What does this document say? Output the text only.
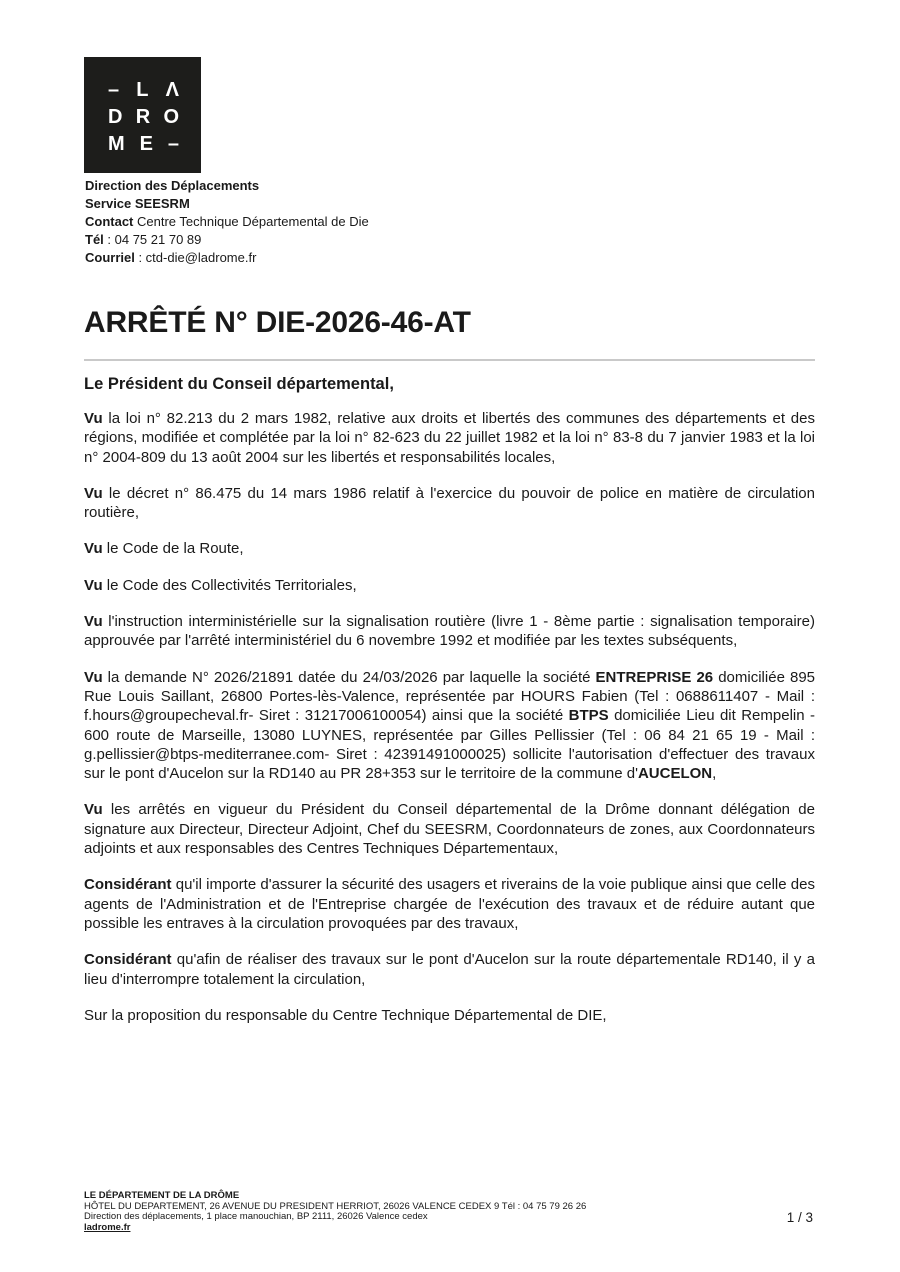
– L Λ
D R O
M E –
Direction des Déplacements
Service SEESRM
Contact Centre Technique Départemental de Die
Tél : 04 75 21 70 89
Courriel : ctd-die@ladrome.fr
ARRÊTÉ N° DIE-2026-46-AT
Le Président du Conseil départemental,

Vu la loi n° 82.213 du 2 mars 1982, relative aux droits et libertés des communes des départements et des régions, modifiée et complétée par la loi n° 82-623 du 22 juillet 1982 et la loi n° 83-8 du 7 janvier 1983 et la loi n° 2004-809 du 13 août 2004 sur les libertés et responsabilités locales,

Vu le décret n° 86.475 du 14 mars 1986 relatif à l'exercice du pouvoir de police en matière de circulation routière,

Vu le Code de la Route,

Vu le Code des Collectivités Territoriales,

Vu l'instruction interministérielle sur la signalisation routière (livre 1 - 8ème partie : signalisation temporaire) approuvée par l'arrêté interministériel du 6 novembre 1992 et modifiée par les textes subséquents,

Vu la demande N° 2026/21891 datée du 24/03/2026 par laquelle la société ENTREPRISE 26 domiciliée 895 Rue Louis Saillant, 26800 Portes-lès-Valence, représentée par HOURS Fabien (Tel : 0688611407 - Mail : f.hours@groupecheval.fr- Siret : 31217006100054) ainsi que la société BTPS domiciliée Lieu dit Rempelin - 600 route de Marseille, 13080 LUYNES, représentée par Gilles Pellissier (Tel : 06 84 21 65 19 - Mail : g.pellissier@btps-mediterranee.com- Siret : 42391491000025) sollicite l'autorisation d'effectuer des travaux sur le pont d'Aucelon sur la RD140 au PR 28+353 sur le territoire de la commune d'AUCELON,

Vu les arrêtés en vigueur du Président du Conseil départemental de la Drôme donnant délégation de signature aux Directeur, Directeur Adjoint, Chef du SEESRM, Coordonnateurs de zones, aux Coordonnateurs adjoints et aux responsables des Centres Techniques Départementaux,

Considérant qu'il importe d'assurer la sécurité des usagers et riverains de la voie publique ainsi que celle des agents de l'Administration et de l'Entreprise chargée de l'exécution des travaux et de réduire autant que possible les entraves à la circulation provoquées par des travaux,

Considérant qu'afin de réaliser des travaux sur le pont d'Aucelon sur la route départementale RD140, il y a lieu d'interrompre totalement la circulation,

Sur la proposition du responsable du Centre Technique Départemental de DIE,

LE DÉPARTEMENT DE LA DRÔME
HÔTEL DU DEPARTEMENT, 26 AVENUE DU PRESIDENT HERRIOT, 26026 VALENCE CEDEX 9 Tél : 04 75 79 26 26
Direction des déplacements, 1 place manouchian, BP 2111, 26026 Valence cedex
ladrome.fr
1 / 3
